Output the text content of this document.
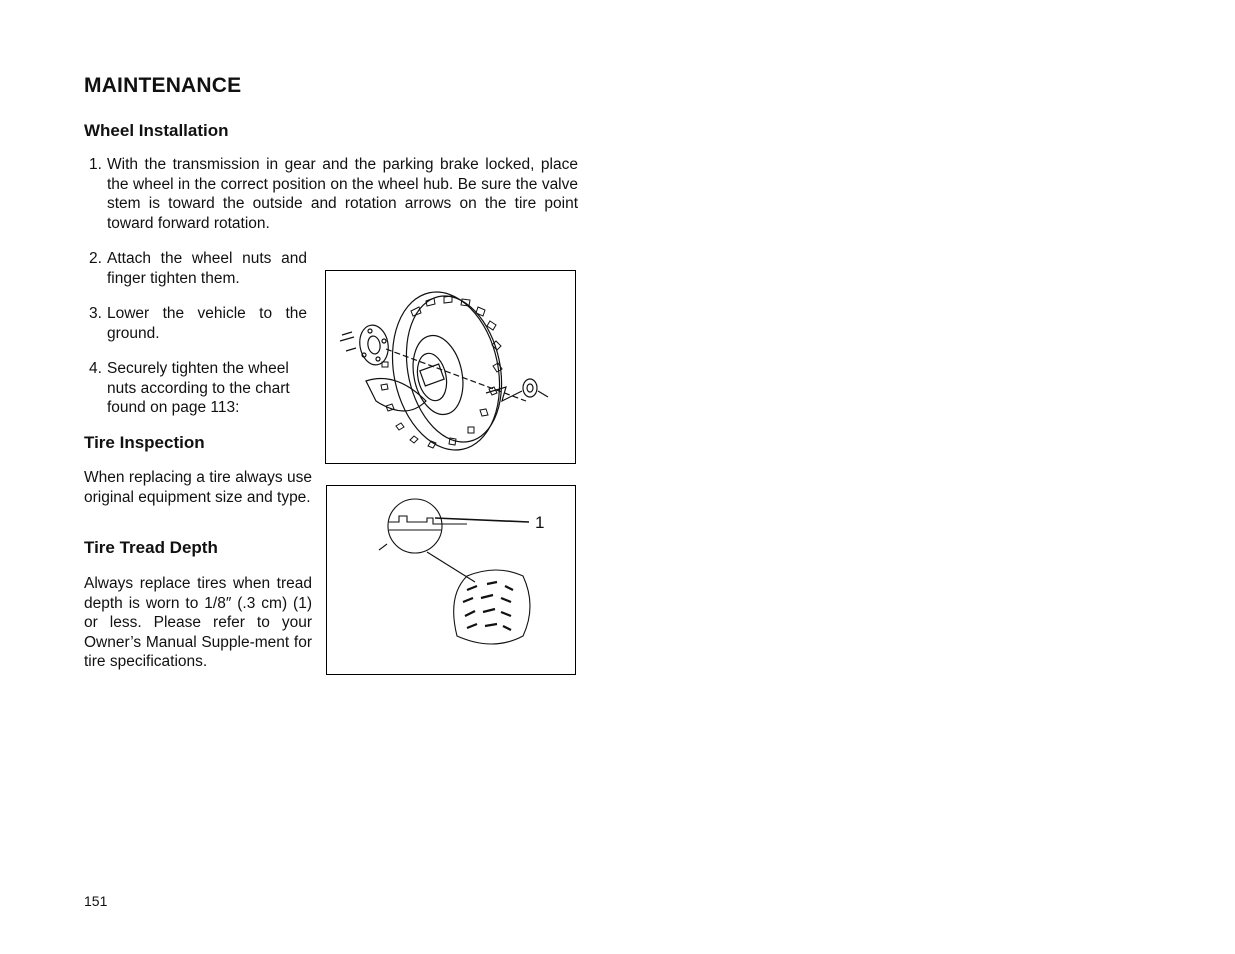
MAINTENANCE
Wheel Installation
1. With the transmission in gear and the parking brake locked, place the wheel in the correct position on the wheel hub. Be sure the valve stem is toward the outside and rotation arrows on the tire point toward forward rotation.
2. Attach the wheel nuts and finger tighten them.
3. Lower the vehicle to the ground.
4. Securely tighten the wheel nuts according to the chart found on page 113:
Tire Inspection
When replacing a tire always use original equipment size and type.
Tire Tread Depth
Always replace tires when tread depth is worn to 1/8″ (.3 cm) (1) or less. Please refer to your Owner’s Manual Supple-ment for tire specifications.
1
151
